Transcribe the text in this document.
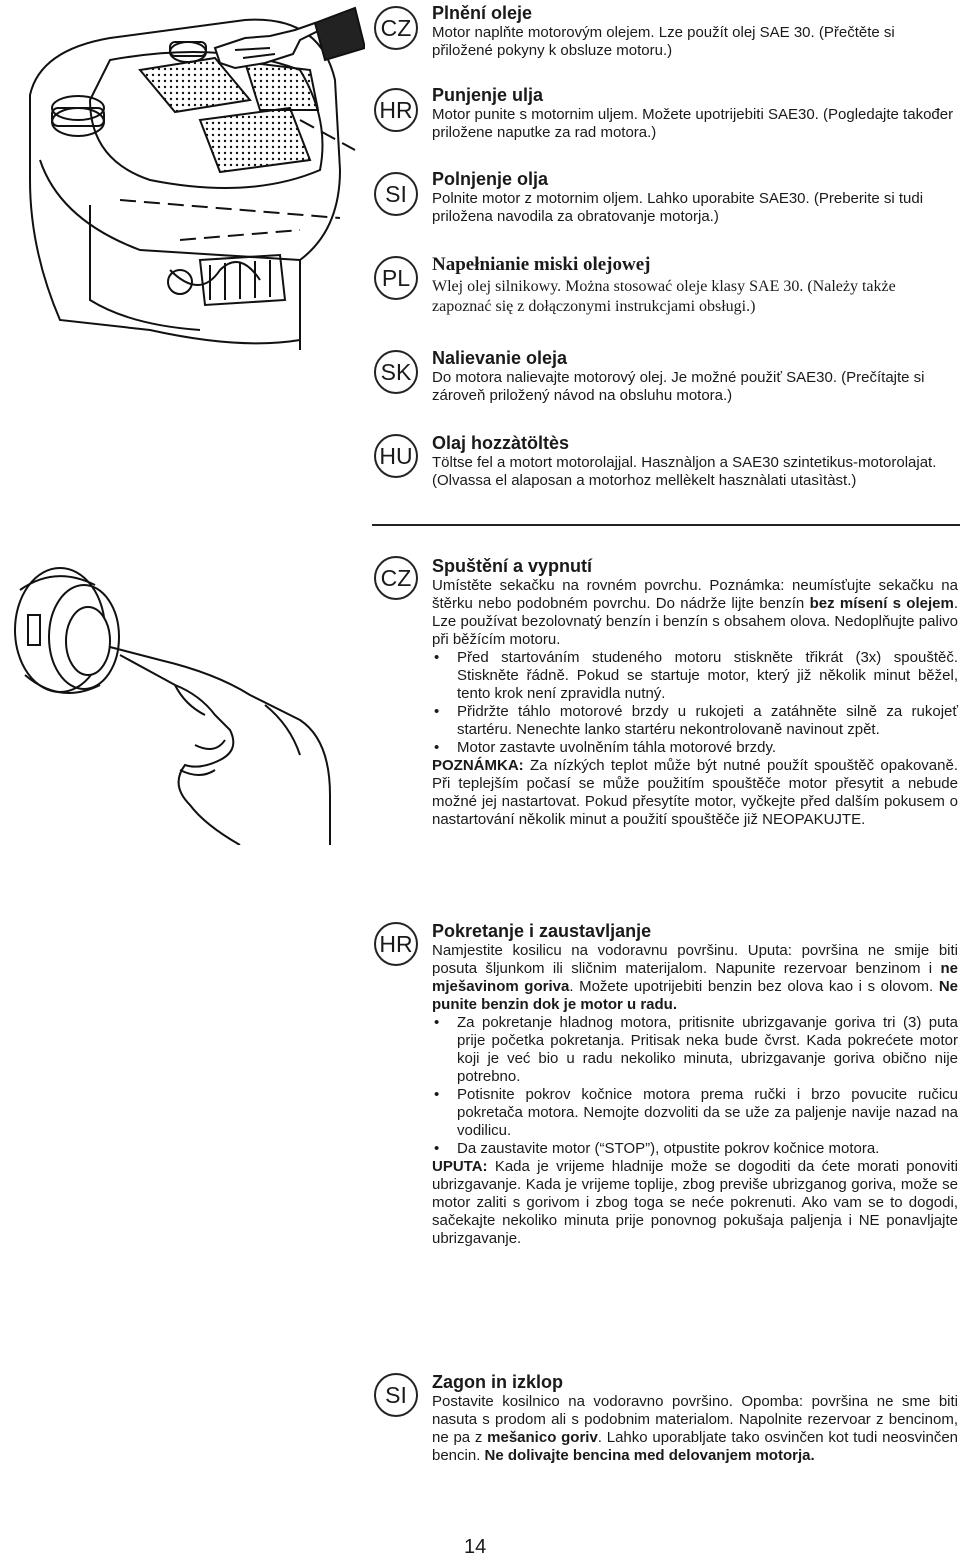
CZ

Plnění oleje

Motor naplňte motorovým olejem. Lze použít olej SAE 30. (Přečtěte si přiložené pokyny k obsluze motoru.)

HR

Punjenje ulja

Motor punite s motornim uljem. Možete upotrijebiti SAE30. (Pogledajte također priložene naputke za rad motora.)

SI

Polnjenje olja

Polnite motor z motornim oljem. Lahko uporabite SAE30. (Preberite si tudi priložena navodila za obratovanje motorja.)

PL	Napełnianie miski olejowej

Wlej olej silnikowy. Można stosować oleje klasy SAE 30. (Należy także zapoznać się z dołączonymi instrukcjami obsługi.)

SK

Nalievanie oleja

Do motora nalievajte motorový olej. Je možné použiť SAE30. (Prečítajte si zároveň priložený návod na obsluhu motora.)

HU Olaj hozzàtöltès

Töltse fel a motort motorolajjal. Hasznàljon a SAE30 szintetikus-motorolajat. (Olvassa el alaposan a motorhoz mellèkelt hasznàlati utasìtàst.)

CZ	Spuštění a vypnutí

Umístěte sekačku na rovném povrchu. Poznámka: neumísťujte sekačku na štěrku nebo podobném povrchu. Do nádrže lijte benzín bez mísení s olejem. Lze používat bezolovnatý benzín i benzín s obsahem olova. Nedoplňujte palivo při běžícím motoru.

• Před startováním studeného motoru stiskněte třikrát (3x) spouštěč. Stiskněte řádně. Pokud se startuje motor, který již několik minut běžel, tento krok není zpravidla nutný.
• Přidržte táhlo motorové brzdy u rukojeti a zatáhněte silně za rukojeť startéru. Nenechte lanko startéru nekontrolovaně navinout zpět.
• Motor zastavte uvolněním táhla motorové brzdy.

POZNÁMKA: Za nízkých teplot může být nutné použít spouštěč opakovaně. Při teplejším počasí se může použitím spouštěče motor přesytit a nebude možné jej nastartovat. Pokud přesytíte motor, vyčkejte před dalším pokusem o nastartování několik minut a použití spouštěče již NEOPAKUJTE.

HR Pokretanje i zaustavljanje

Namjestite kosilicu na vodoravnu površinu. Uputa: površina ne smije biti posuta šljunkom ili sličnim materijalom. Napunite rezervoar benzinom i ne mješavinom goriva. Možete upotrijebiti benzin bez olova kao i s olovom. Ne punite benzin dok je motor u radu.

• Za pokretanje hladnog motora, pritisnite ubrizgavanje goriva tri (3) puta prije početka pokretanja. Pritisak neka bude čvrst. Kada pokrećete motor koji je već bio u radu nekoliko minuta, ubrizgavanje goriva obično nije potrebno.
• Potisnite pokrov kočnice motora prema ručki i brzo povucite ručicu pokretača motora. Nemojte dozvoliti da se uže za paljenje navije nazad na vodilicu.
• Da zaustavite motor (“STOP”), otpustite pokrov kočnice motora.

UPUTA: Kada je vrijeme hladnije može se dogoditi da ćete morati ponoviti ubrizgavanje. Kada je vrijeme toplije, zbog previše ubrizganog goriva, može se motor zaliti s gorivom i zbog toga se neće pokrenuti. Ako vam se to dogodi, sačekajte nekoliko minuta prije ponovnog pokušaja paljenja i NE ponavljajte ubrizgavanje.

SI	Zagon in izklop

Postavite kosilnico na vodoravno površino. Opomba: površina ne sme biti nasuta s prodom ali s podobnim materialom. Napolnite rezervoar z bencinom, ne pa z mešanico goriv. Lahko uporabljate tako osvinčen kot tudi neosvinčen bencin. Ne dolivajte bencina med delovanjem motorja.

14
